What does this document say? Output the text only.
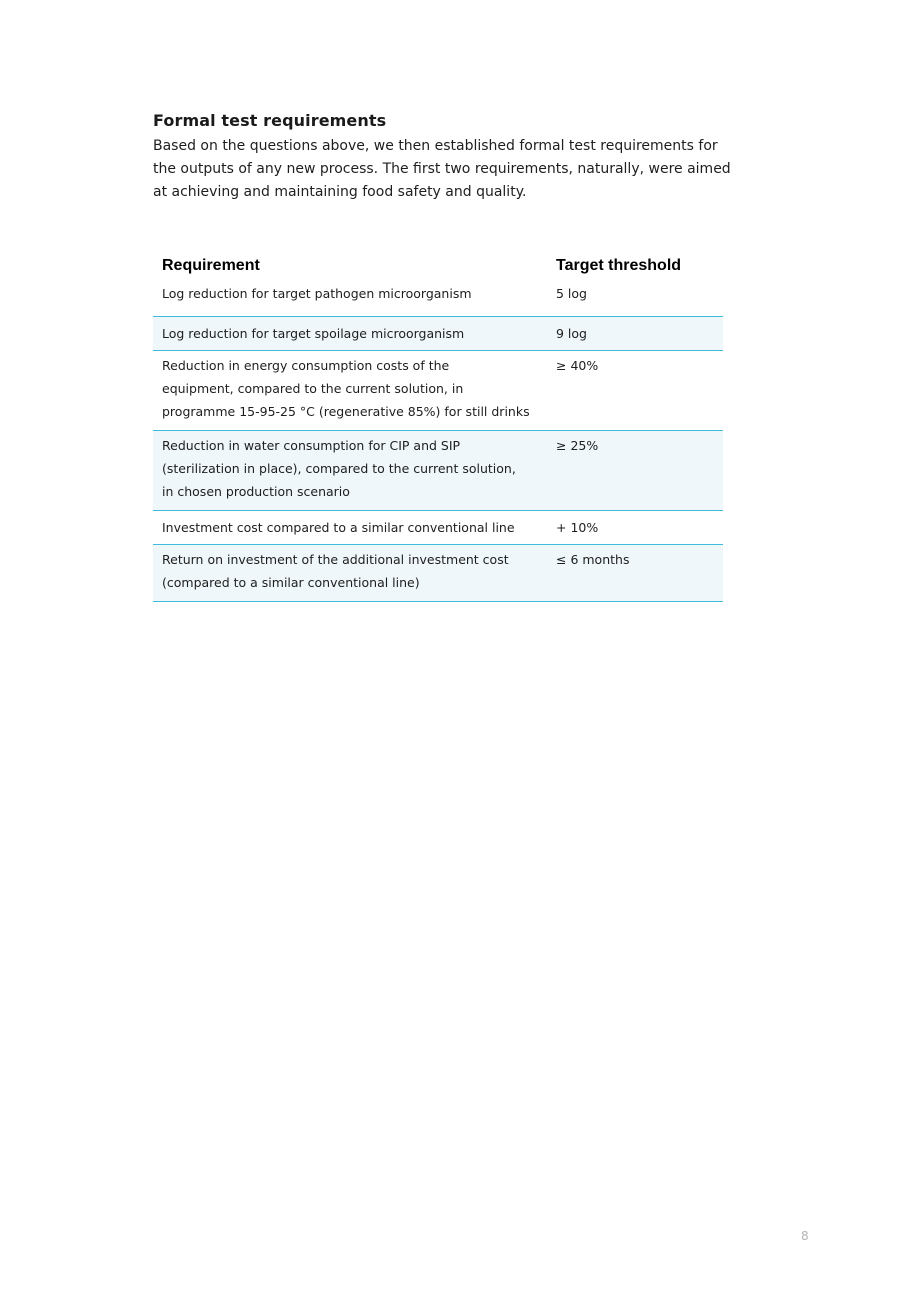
Formal test requirements

Based on the questions above, we then established formal test requirements for
the outputs of any new process. The first two requirements, naturally, were aimed
at achieving and maintaining food safety and quality.

Requirement	Target threshold
Log reduction for target pathogen microorganism	5 log
Log reduction for target spoilage microorganism	9 log
Reduction in energy consumption costs of the
equipment, compared to the current solution, in
programme 15-95-25 °C (regenerative 85%) for still drinks	≥ 40%
Reduction in water consumption for CIP and SIP
(sterilization in place), compared to the current solution,
in chosen production scenario	≥ 25%
Investment cost compared to a similar conventional line	+ 10%
Return on investment of the additional investment cost
(compared to a similar conventional line)	≤ 6 months
8
